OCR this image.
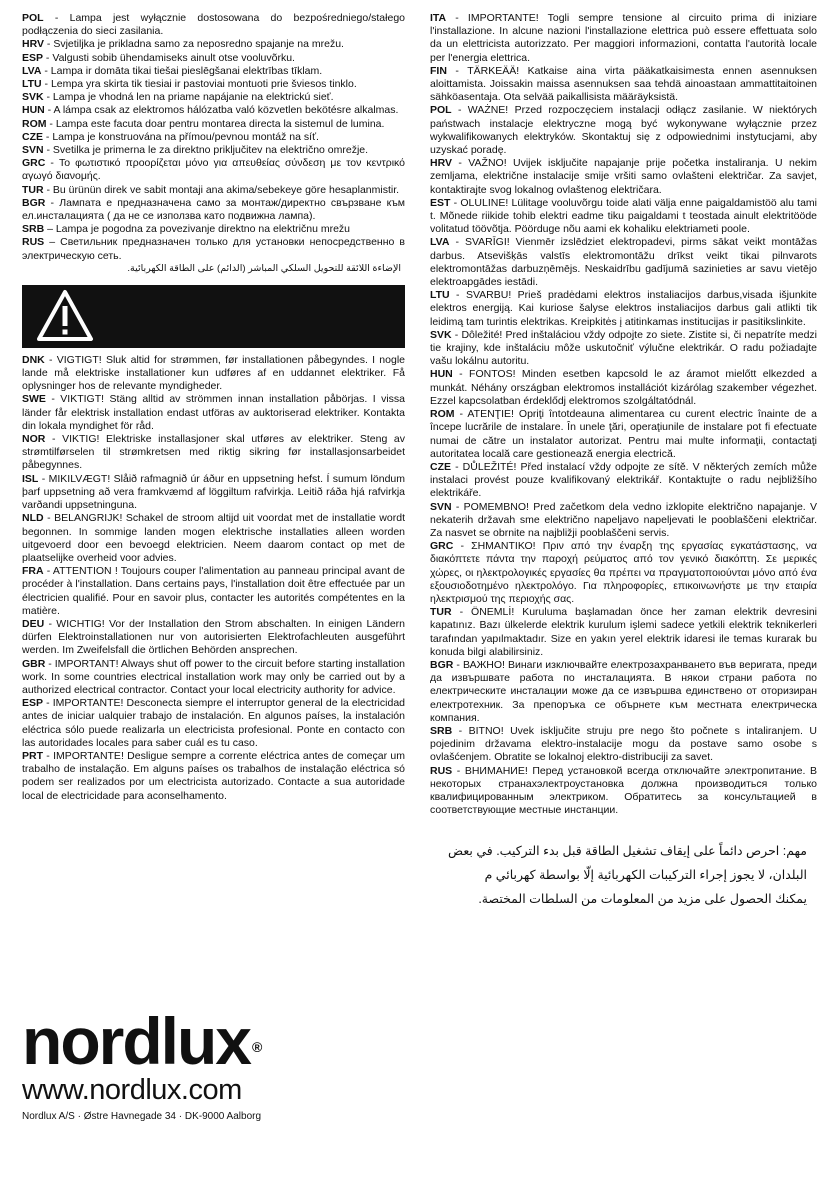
POL - Lampa jest wyłącznie dostosowana do bezpośredniego/stałego podłączenia do sieci zasilania.

HRV - Svjetiljka je prikladna samo za neposredno spajanje na mrežu.

ESP - Valgusti sobib ühendamiseks ainult otse vooluvõrku.

LVA - Lampa ir domāta tikai tiešai pieslēgšanai elektrības tīklam.

LTU - Lempa yra skirta tik tiesiai ir pastoviai montuoti prie šviesos tinklo.

SVK - Lampa je vhodná len na priame napájanie na elektrickú sieť.

HUN - A lámpa csak az elektromos hálózatba való közvetlen bekötésre alkalmas.

ROM - Lampa este facuta doar pentru montarea directa la sistemul de lumina.

CZE - Lampa je konstruována na přímou/pevnou montáž na síť.

SVN - Svetilka je primerna le za direktno priključitev na električno omrežje.

GRC - Το φωτιστικό προορίζεται μόνο για απευθείας σύνδεση με τον κεντρικό αγωγό διανομής.

TUR - Bu ürünün direk ve sabit montaji ana akima/sebekeye göre hesaplanmistir.

BGR - Лампата е предназначена само за монтаж/директно свързване към ел.инсталацията ( да не се използва като подвижна лампа).

SRB – Lampa je pogodna za povezivanje direktno na električnu mrežu

RUS – Светильник предназначен только для установки непосредственно в электрическую сеть.

الإضاءة اللائقة للتحويل السلكي المباشر (الدائم) على الطاقة الكهربائية.

DNK - VIGTIGT! Sluk altid for strømmen, før installationen påbegyndes. I nogle lande må elektriske installationer kun udføres af en uddannet elektriker. Få oplysninger hos de relevante myndigheder.

SWE - VIKTIGT! Stäng alltid av strömmen innan installation påbörjas. I vissa länder får elektrisk installation endast utföras av auktoriserad elektriker. Kontakta din lokala myndighet för råd.

NOR - VIKTIG! Elektriske installasjoner skal utføres av elektriker. Steng av strømtilførselen til strømkretsen med riktig sikring før installasjonsarbeidet påbegynnes.

ISL - MIKILVÆGT! Slåið rafmagnið úr áður en uppsetning hefst. Í sumum löndum þarf uppsetning að vera framkvæmd af löggiltum rafvirkja. Leitið ráða hjá rafvirkja varðandi uppsetninguna.

NLD - BELANGRIJK! Schakel de stroom altijd uit voordat met de installatie wordt begonnen. In sommige landen mogen elektrische installaties alleen worden uitgevoerd door een bevoegd elektricien. Neem daarom contact op met de plaatselijke overheid voor advies.

FRA - ATTENTION ! Toujours couper l'alimentation au panneau principal avant de procéder à l'installation. Dans certains pays, l'installation doit être effectuée par un électricien qualifié. Pour en savoir plus, contacter les autorités compétentes en la matière.

DEU - WICHTIG! Vor der Installation den Strom abschalten. In einigen Ländern dürfen Elektroinstallationen nur von autorisierten Elektrofachleuten ausgeführt werden. Im Zweifelsfall die örtlichen Behörden ansprechen.

GBR - IMPORTANT! Always shut off power to the circuit before starting installation work. In some countries electrical installation work may only be carried out by a authorized electrical contractor. Contact your local electricity authority for advice.

ESP - IMPORTANTE! Desconecta siempre el interruptor general de la electricidad antes de iniciar ualquier trabajo de instalación. En algunos países, la instalación eléctrica sólo puede realizarla un electricista profesional. Ponte en contacto con las autoridades locales para saber cuál es tu caso.

PRT - IMPORTANTE! Desligue sempre a corrente eléctrica antes de começar um trabalho de instalação. Em alguns países os trabalhos de instalação eléctrica só podem ser realizados por um electricista autorizado. Contacte a sua autoridade local de electricidade para aconselhamento.

ITA - IMPORTANTE! Togli sempre tensione al circuito prima di iniziare l'installazione. In alcune nazioni l'installazione elettrica può essere effettuata solo da un elettricista autorizzato. Per maggiori informazioni, contatta l'autorità locale per l'energia elettrica.

FIN - TÄRKEÄÄ! Katkaise aina virta pääkatkaisimesta ennen asennuksen aloittamista. Joissakin maissa asennuksen saa tehdä ainoastaan ammattitaitoinen sähköasentaja. Ota selvää paikallisista määräyksistä.

POL - WAŻNE! Przed rozpoczęciem instalacji odłącz zasilanie. W niektórych państwach instalacje elektryczne mogą być wykonywane wyłącznie przez wykwalifikowanych elektryków. Skontaktuj się z odpowiednimi instytucjami, aby uzyskać poradę.

HRV - VAŽNO! Uvijek isključite napajanje prije početka instaliranja. U nekim zemljama, električne instalacije smije vršiti samo ovlašteni električar. Za savjet, kontaktirajte svog lokalnog ovlaštenog električara.

EST - OLULINE! Lülitage vooluvõrgu toide alati välja enne paigaldamistöö alu tami t. Mõnede riikide tohib elektri eadme tiku paigaldami t teostada ainult elektritööde volitatud töövõtja. Pöörduge nõu aami ek kohaliku elektriameti poole.

LVA - SVARĪGI! Vienmēr izslēdziet elektropadevi, pirms sākat veikt montāžas darbus. Atsevišķās valstīs elektromontāžu drīkst veikt tikai pilnvarots elektromontāžas darbuzņēmējs. Neskaidrību gadījumā sazinieties ar savu vietējo elektroapgādes iestādi.

LTU - SVARBU! Prieš pradėdami elektros instaliacijos darbus,visada išjunkite elektros energiją. Kai kuriose šalyse elektros instaliacijos darbus gali atlikti tik leidimą tam turintis elektrikas. Kreipkitės į atitinkamas institucijas ir pasitikslinkite.

SVK - Dôležité! Pred inštaláciou vždy odpojte zo siete. Zistite si, či nepatríte medzi tie krajiny, kde inštaláciu môže uskutočniť výlučne elektrikár. O radu požiadajte vašu lokálnu autoritu.

HUN - FONTOS! Minden esetben kapcsold le az áramot mielőtt elkezded a munkát. Néhány országban elektromos installációt kizárólag szakember végezhet. Ezzel kapcsolatban érdeklődj elektromos szolgáltatódnál.

ROM - ATENŢIE! Opriţi întotdeauna alimentarea cu curent electric înainte de a începe lucrările de instalare. În unele ţări, operaţiunile de instalare pot fi efectuate numai de către un instalator autorizat. Pentru mai multe informaţii, contactaţi autoritatea locală care gestionează energia electrică.

CZE - DŮLEŽITÉ! Před instalací vždy odpojte ze sítě. V některých zemích může instalaci provést pouze kvalifikovaný elektrikář. Kontaktujte o radu nejbližšího elektrikáře.

SVN - POMEMBNO! Pred začetkom dela vedno izklopite električno napajanje. V nekaterih državah sme električno napeljavo napeljevati le pooblaščeni električar. Za nasvet se obrnite na najbližji pooblaščeni servis.

GRC - ΣΗΜΑΝΤΙΚΟ! Πριν από την έναρξη της εργασίας εγκατάστασης, να διακόπτετε πάντα την παροχή ρεύματος από τον γενικό διακόπτη. Σε μερικές χώρες, οι ηλεκτρολογικές εργασίες θα πρέπει να πραγματοποιούνται μόνο από ένα εξουσιοδοτημένο ηλεκτρολόγο. Για πληροφορίες, επικοινωνήστε με την εταιρία ηλεκτρισμού της περιοχής σας.

TUR - ÖNEMLİ! Kuruluma başlamadan önce her zaman elektrik devresini kapatınız. Bazı ülkelerde elektrik kurulum işlemi sadece yetkili elektrik teknikerleri tarafından yapılmaktadır. Size en yakın yerel elektrik idaresi ile temas kurarak bu konuda bilgi alabilirsiniz.

BGR - ВАЖНО! Винаги изключвайте електрозахранването във веригата, преди да извършвате работа по инсталацията. В някои страни работа по електрическите инсталации може да се извършва единствено от оторизиран електротехник. За препоръка се обърнете към местната електрическа компания.

SRB - BITNO! Uvek isključite struju pre nego što počnete s intaliranjem. U pojedinim državama elektro-instalacije mogu da postave samo osobe s ovlašćenjem. Obratite se lokalnoj elektro-distribuciji za savet.

RUS - ВНИМАНИЕ! Перед установкой всегда отключайте электропитание. В некоторых странахэлектроустановка должна производиться только квалифицированным электриком. Обратитесь за консультацией в соответствующие местные инстанции.

مهم: احرص دائماً على إيقاف تشغيل الطاقة قبل بدء التركيب. في بعض
البلدان، لا يجوز إجراء التركيبات الكهربائية إلّا بواسطة كهربائي م
يمكنك الحصول على مزيد من المعلومات من السلطات المختصة.
nordlux ®
www.nordlux.com
Nordlux A/S · Østre Havnegade 34 · DK-9000 Aalborg
